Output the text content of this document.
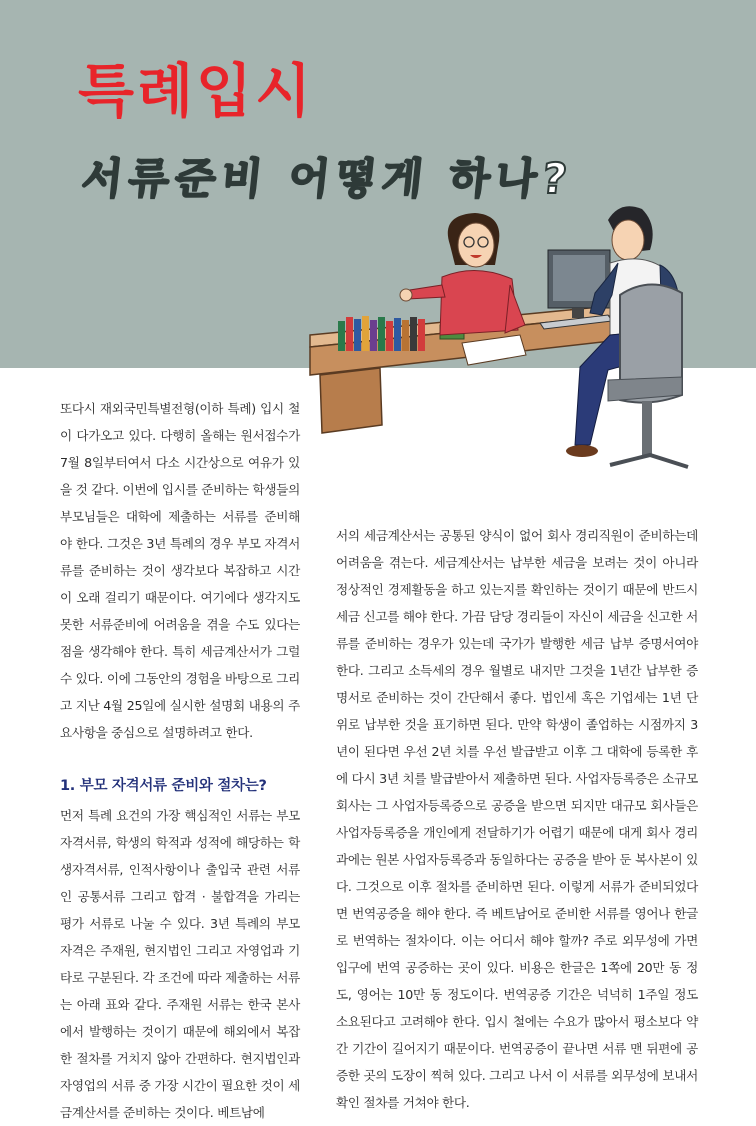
특례입시
서류준비 어떻게 하나?

또다시 재외국민특별전형(이하 특례) 입시 철이 다가오고 있다. 다행히 올해는 원서접수가 7월 8일부터여서 다소 시간상으로 여유가 있을 것 같다. 이번에 입시를 준비하는 학생들의 부모님들은 대학에 제출하는 서류를 준비해야 한다. 그것은 3년 특례의 경우 부모 자격서류를 준비하는 것이 생각보다 복잡하고 시간이 오래 걸리기 때문이다. 여기에다 생각지도 못한 서류준비에 어려움을 겪을 수도 있다는 점을 생각해야 한다. 특히 세금계산서가 그럴 수 있다. 이에 그동안의 경험을 바탕으로 그리고 지난 4월 25일에 실시한 설명회 내용의 주요사항을 중심으로 설명하려고 한다.

1. 부모 자격서류 준비와 절차는?

먼저 특례 요건의 가장 핵심적인 서류는 부모 자격서류, 학생의 학적과 성적에 해당하는 학생자격서류, 인적사항이나 출입국 관련 서류인 공통서류 그리고 합격 · 불합격을 가리는 평가 서류로 나눌 수 있다. 3년 특례의 부모 자격은 주재원, 현지법인 그리고 자영업과 기타로 구분된다. 각 조건에 따라 제출하는 서류는 아래 표와 같다. 주재원 서류는 한국 본사에서 발행하는 것이기 때문에 해외에서 복잡한 절차를 거치지 않아 간편하다. 현지법인과 자영업의 서류 중 가장 시간이 필요한 것이 세금계산서를 준비하는 것이다. 베트남에

서의 세금계산서는 공통된 양식이 없어 회사 경리직원이 준비하는데 어려움을 겪는다. 세금계산서는 납부한 세금을 보려는 것이 아니라 정상적인 경제활동을 하고 있는지를 확인하는 것이기 때문에 반드시 세금 신고를 해야 한다. 가끔 담당 경리들이 자신이 세금을 신고한 서류를 준비하는 경우가 있는데 국가가 발행한 세금 납부 증명서여야 한다. 그리고 소득세의 경우 월별로 내지만 그것을 1년간 납부한 증명서로 준비하는 것이 간단해서 좋다. 법인세 혹은 기업세는 1년 단위로 납부한 것을 표기하면 된다. 만약 학생이 졸업하는 시점까지 3년이 된다면 우선 2년 치를 우선 발급받고 이후 그 대학에 등록한 후에 다시 3년 치를 발급받아서 제출하면 된다. 사업자등록증은 소규모 회사는 그 사업자등록증으로 공증을 받으면 되지만 대규모 회사들은 사업자등록증을 개인에게 전달하기가 어렵기 때문에 대게 회사 경리과에는 원본 사업자등록증과 동일하다는 공증을 받아 둔 복사본이 있다. 그것으로 이후 절차를 준비하면 된다. 이렇게 서류가 준비되었다면 번역공증을 해야 한다. 즉 베트남어로 준비한 서류를 영어나 한글로 번역하는 절차이다. 이는 어디서 해야 할까? 주로 외무성에 가면 입구에 번역 공증하는 곳이 있다. 비용은 한글은 1쪽에 20만 동 정도, 영어는 10만 동 정도이다. 번역공증 기간은 넉넉히 1주일 정도 소요된다고 고려해야 한다. 입시 철에는 수요가 많아서 평소보다 약간 기간이 길어지기 때문이다. 번역공증이 끝나면 서류 맨 뒤편에 공증한 곳의 도장이 찍혀 있다. 그리고 나서 이 서류를 외무성에 보내서 확인 절차를 거쳐야 한다.
